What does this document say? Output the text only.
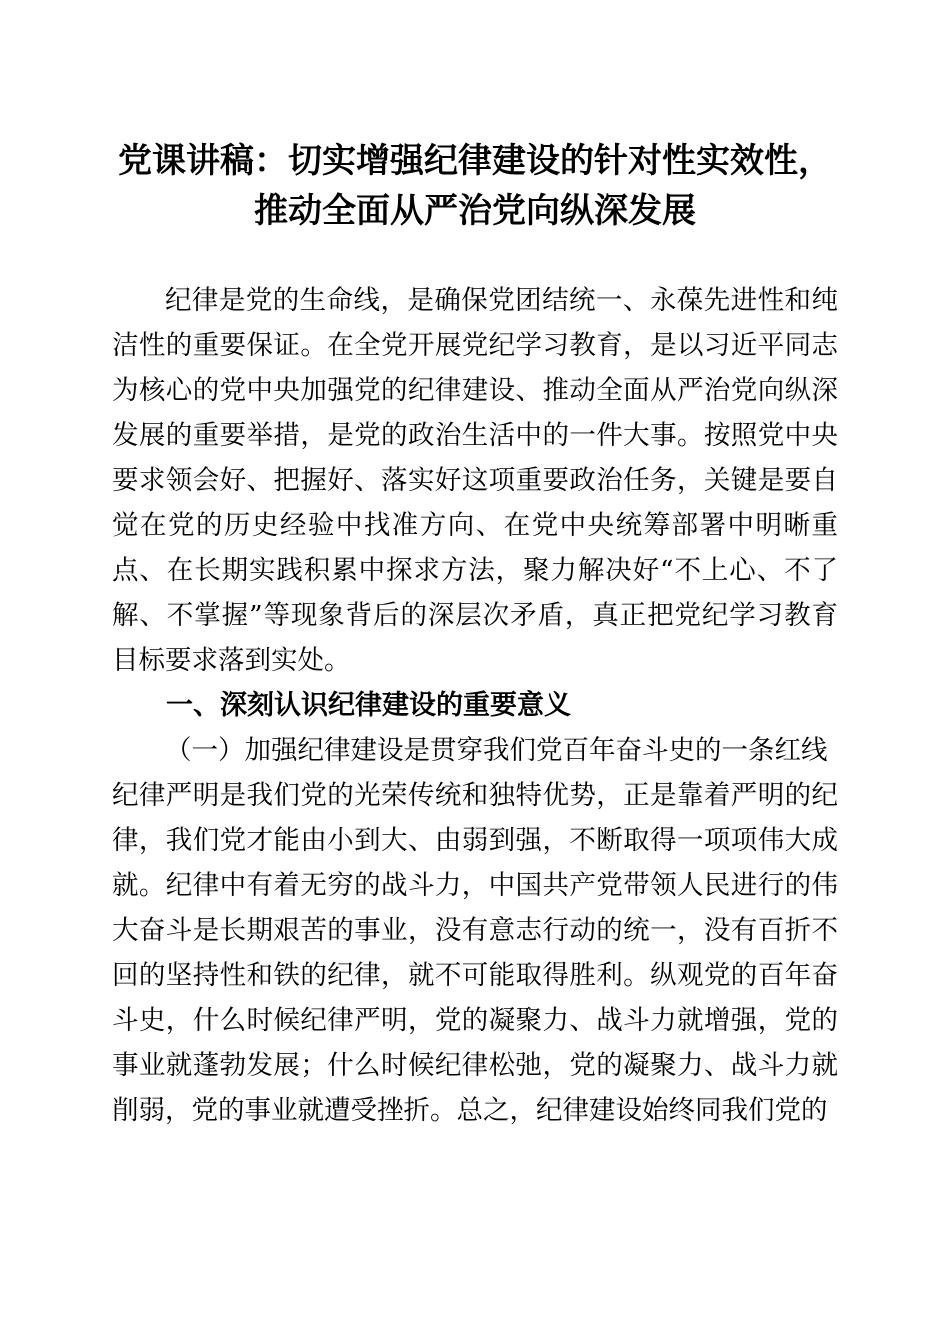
党课讲稿：切实增强纪律建设的针对性实效性，
推动全面从严治党向纵深发展

纪律是党的生命线，是确保党团结统一、永葆先进性和纯洁性的重要保证。在全党开展党纪学习教育，是以习近平同志为核心的党中央加强党的纪律建设、推动全面从严治党向纵深发展的重要举措，是党的政治生活中的一件大事。按照党中央要求领会好、把握好、落实好这项重要政治任务，关键是要自觉在党的历史经验中找准方向、在党中央统筹部署中明晰重点、在长期实践积累中探求方法，聚力解决好“不上心、不了解、不掌握”等现象背后的深层次矛盾，真正把党纪学习教育目标要求落到实处。

一、深刻认识纪律建设的重要意义

（一）加强纪律建设是贯穿我们党百年奋斗史的一条红线

纪律严明是我们党的光荣传统和独特优势，正是靠着严明的纪律，我们党才能由小到大、由弱到强，不断取得一项项伟大成就。纪律中有着无穷的战斗力，中国共产党带领人民进行的伟大奋斗是长期艰苦的事业，没有意志行动的统一，没有百折不回的坚持性和铁的纪律，就不可能取得胜利。纵观党的百年奋斗史，什么时候纪律严明，党的凝聚力、战斗力就增强，党的事业就蓬勃发展；什么时候纪律松弛，党的凝聚力、战斗力就削弱，党的事业就遭受挫折。总之，纪律建设始终同我们党的
